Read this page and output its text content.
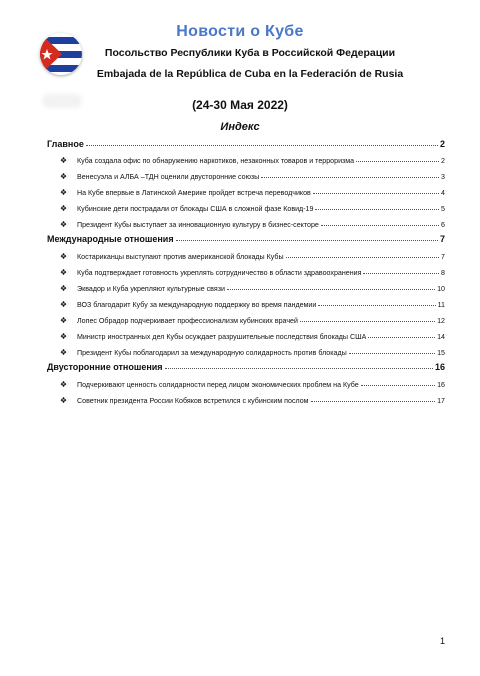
Новости о Кубе
Посольство Республики Куба в Российской Федерации
Embajada de la República de Cuba en la Federación de Rusia
(24-30 Мая 2022)
Индекс
Главное	2
❖	Куба создала офис по обнаружению наркотиков, незаконных товаров и терроризма	2
❖	Венесуэла и АЛБА –ТДН оценили двусторонние союзы	3
❖	На Кубе впервые в Латинской Америке пройдет встреча переводчиков	4
❖	Кубинские дети пострадали от блокады США в сложной фазе Ковид-19	5
❖	Президент Кубы выступает за инновационную культуру в бизнес-секторе	6
Международные отношения	7
❖	Костариканцы выступают против американской блокады Кубы	7
❖	Куба подтверждает готовность укреплять сотрудничество в области здравоохранения	8
❖	Эквадор и Куба укрепляют культурные связи	10
❖	ВОЗ благодарит Кубу за международную поддержку во время пандемии	11
❖	Лопес Обрадор подчеркивает профессионализм кубинских врачей	12
❖	Министр иностранных дел Кубы осуждает разрушительные последствия блокады США	14
❖	Президент Кубы поблагодарил за международную солидарность против блокады	15
Двусторонние отношения	16
❖	Подчеркивают ценность солидарности перед лицом экономических проблем на Кубе	16
❖	Советник президента России Кобяков встретился с кубинским послом	17
1
